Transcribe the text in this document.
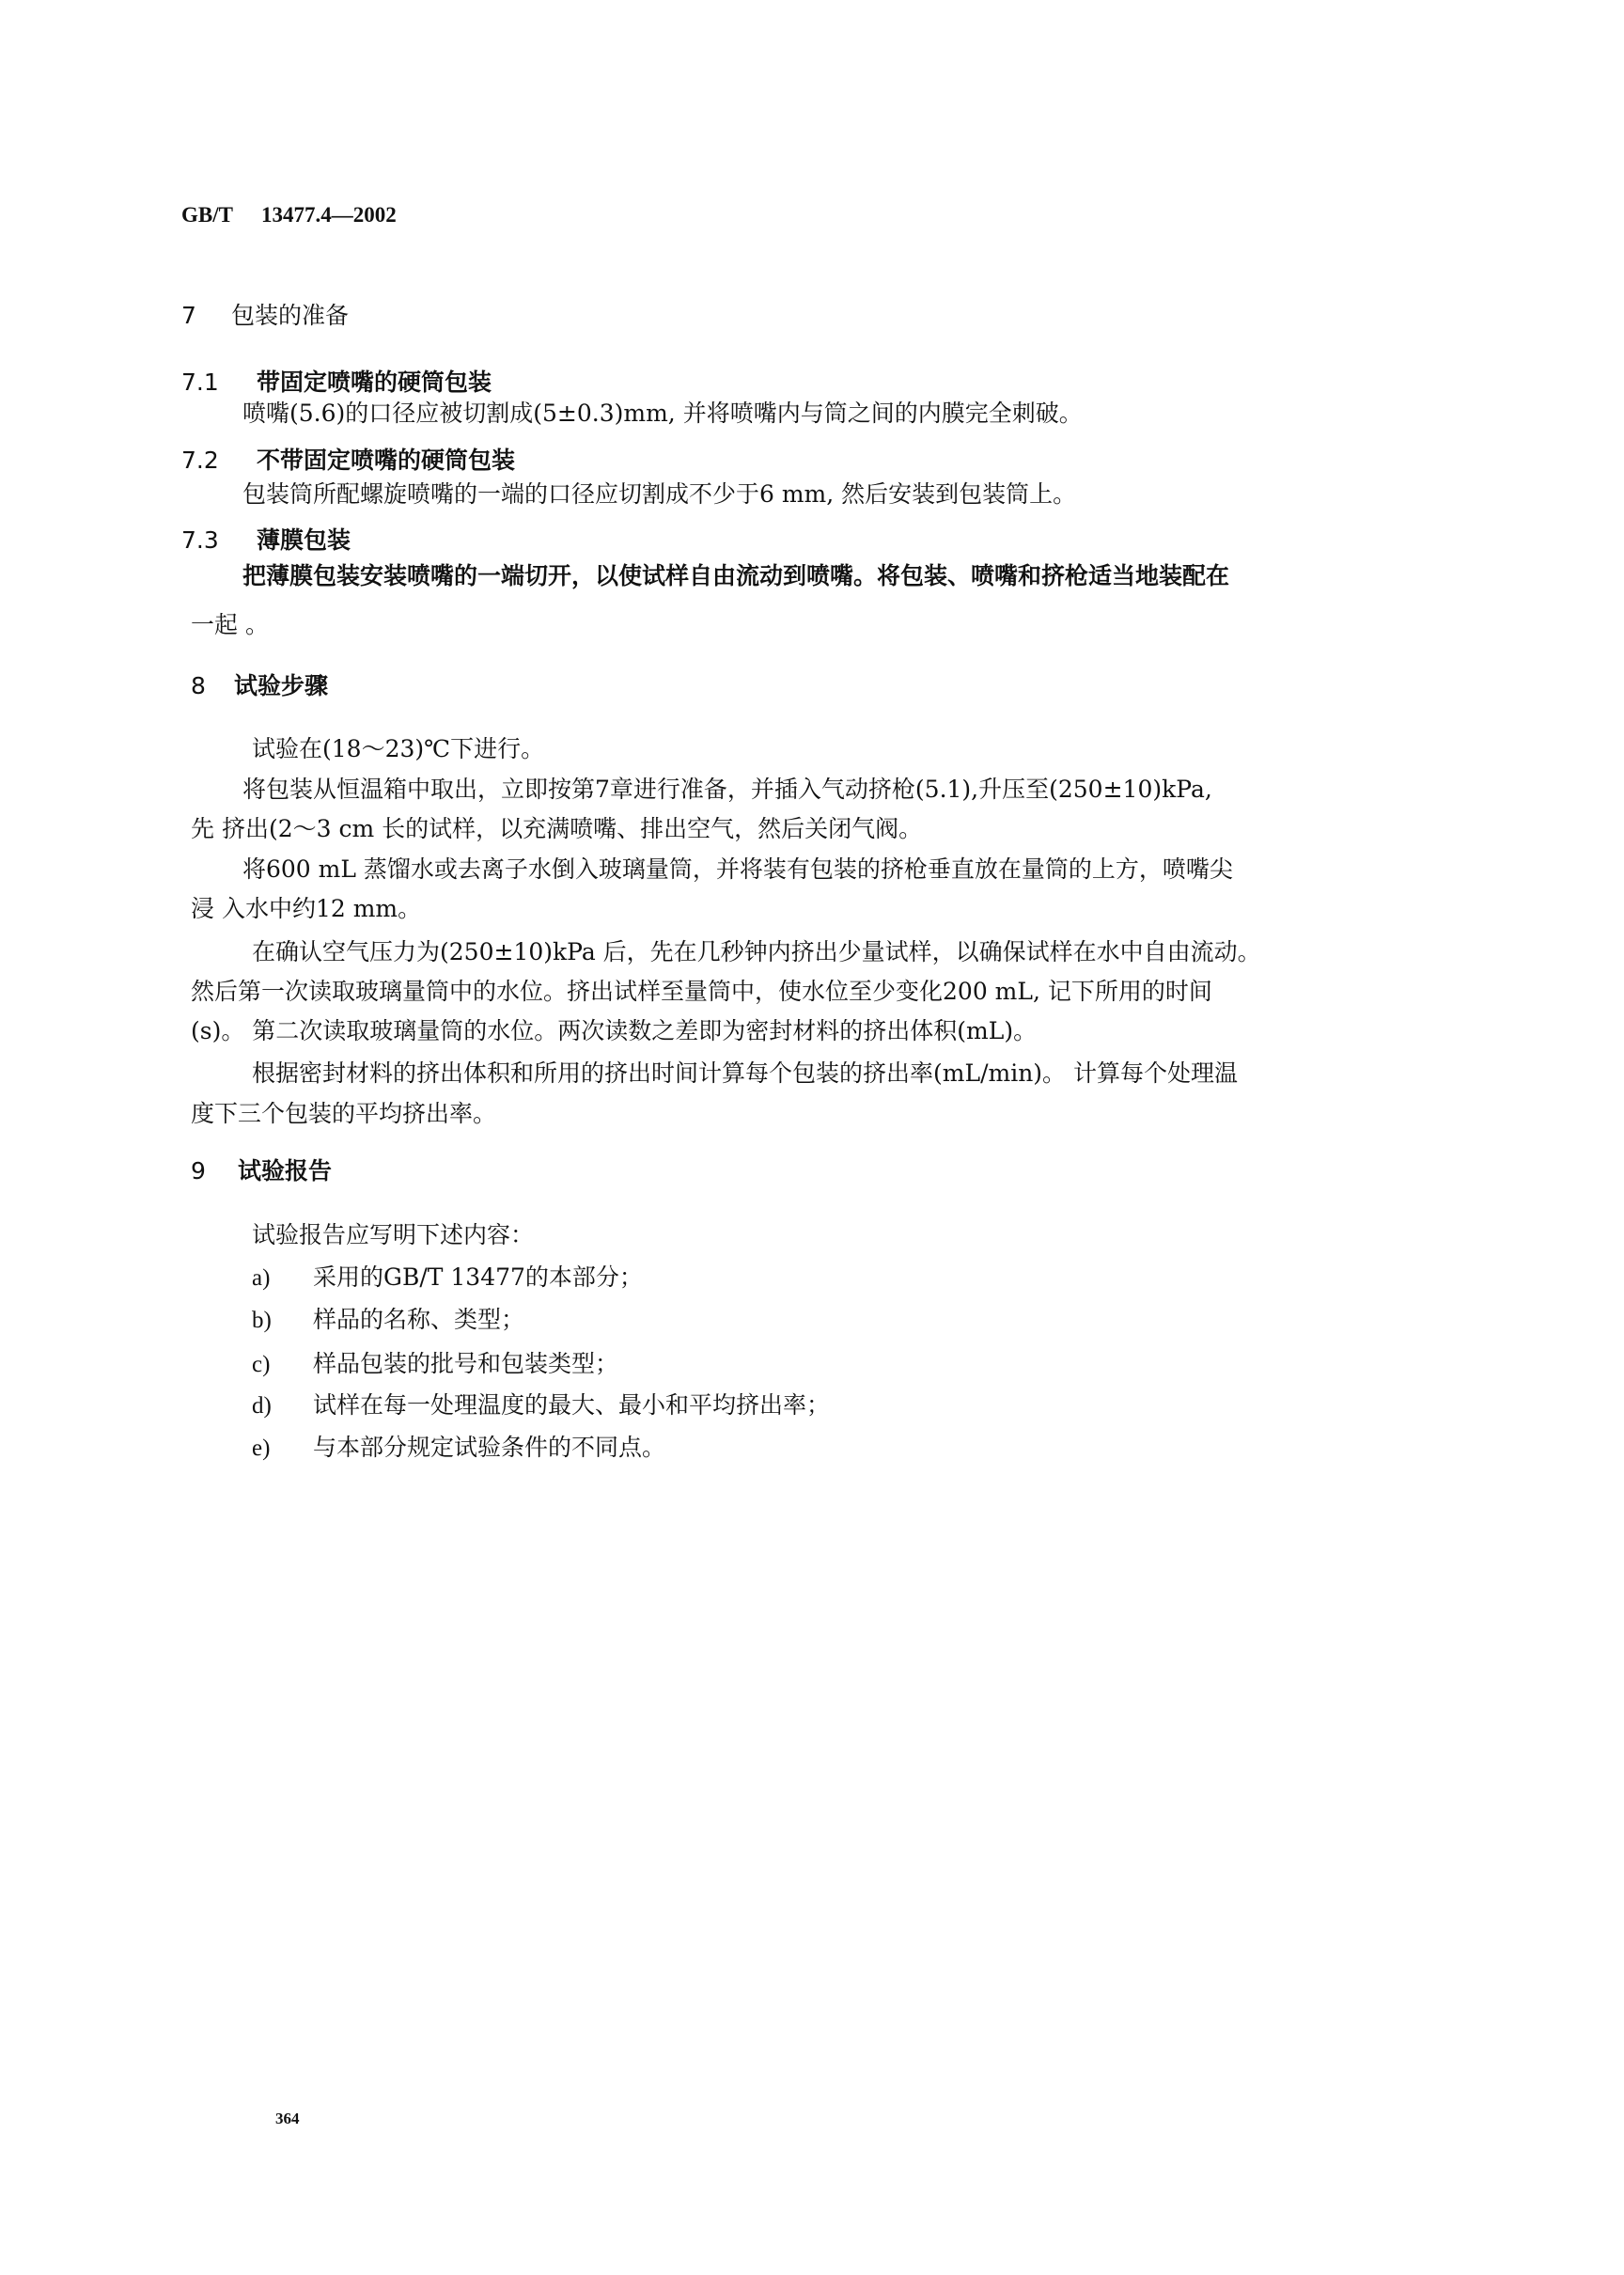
GB/T 13477.4—2002
7 包装的准备
7.1 带固定喷嘴的硬筒包装
喷嘴(5.6)的口径应被切割成(5±0.3)mm, 并将喷嘴内与筒之间的内膜完全刺破。
7.2 不带固定喷嘴的硬筒包装
包装筒所配螺旋喷嘴的一端的口径应切割成不少于6 mm, 然后安装到包装筒上。
7.3 薄膜包装
把薄膜包装安装喷嘴的一端切开，以使试样自由流动到喷嘴。将包装、喷嘴和挤枪适当地装配在
一起 。
8 试验步骤
试验在(18～23)℃下进行。
将包装从恒温箱中取出，立即按第7章进行准备，并插入气动挤枪(5.1),升压至(250±10)kPa,
先 挤出(2～3 cm 长的试样，以充满喷嘴、排出空气，然后关闭气阀。
将600 mL 蒸馏水或去离子水倒入玻璃量筒，并将装有包装的挤枪垂直放在量筒的上方，喷嘴尖
浸 入水中约12 mm。
在确认空气压力为(250±10)kPa 后，先在几秒钟内挤出少量试样，以确保试样在水中自由流动。
然后第一次读取玻璃量筒中的水位。挤出试样至量筒中，使水位至少变化200 mL, 记下所用的时间
(s)。 第二次读取玻璃量筒的水位。两次读数之差即为密封材料的挤出体积(mL)。
根据密封材料的挤出体积和所用的挤出时间计算每个包装的挤出率(mL/min)。 计算每个处理温
度下三个包装的平均挤出率。
9 试验报告
试验报告应写明下述内容：
a) 采用的GB/T 13477的本部分；
b) 样品的名称、类型；
c) 样品包装的批号和包装类型；
d) 试样在每一处理温度的最大、最小和平均挤出率；
e) 与本部分规定试验条件的不同点。
364
